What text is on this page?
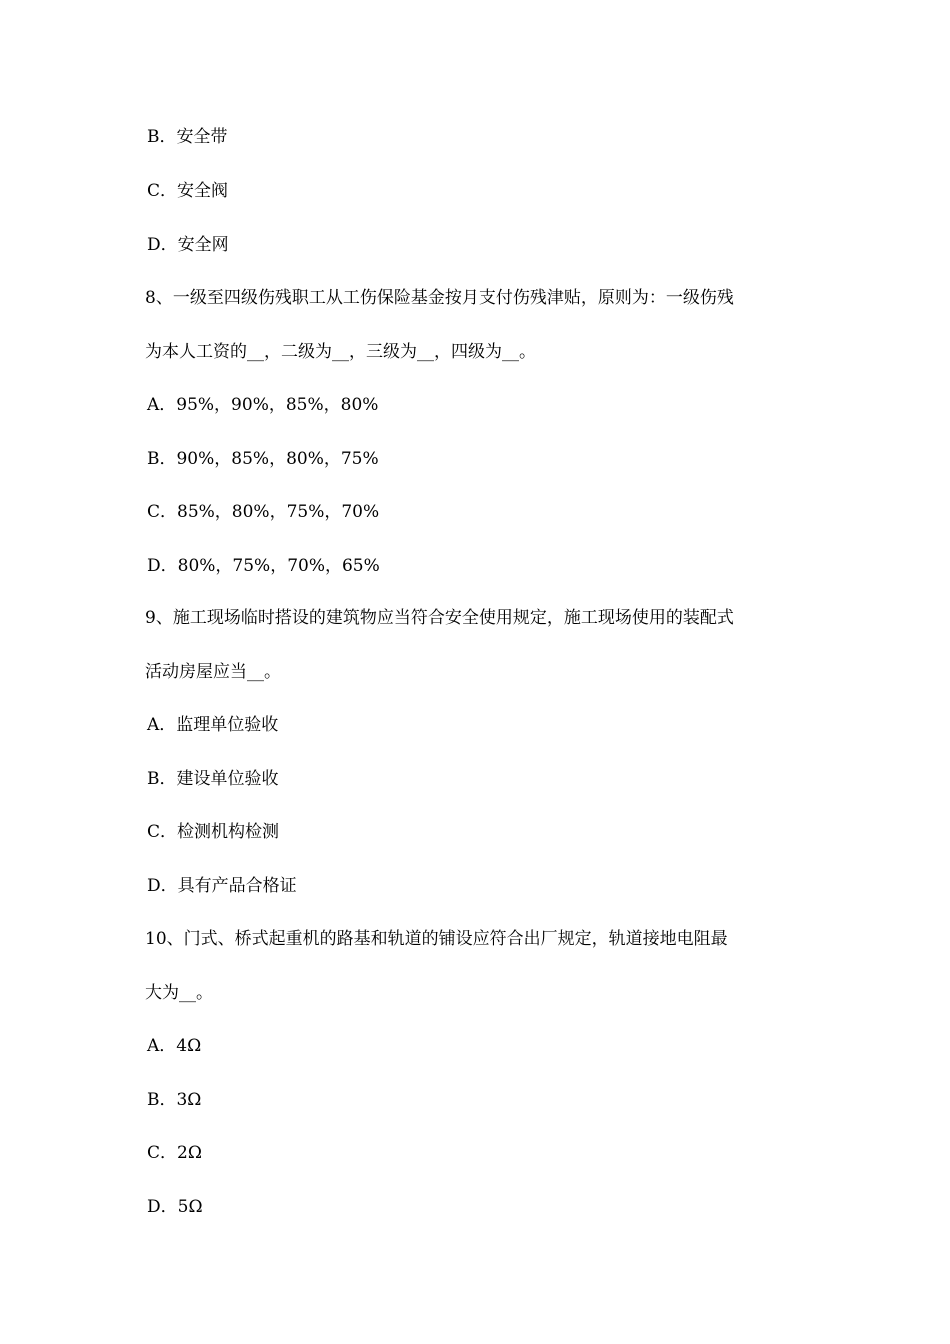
B．安全带
C．安全阀
D．安全网
8、一级至四级伤残职工从工伤保险基金按月支付伤残津贴，原则为：一级伤残
为本人工资的__，二级为__，三级为__，四级为__。
A．95%，90%，85%，80%
B．90%，85%，80%，75%
C．85%，80%，75%，70%
D．80%，75%，70%，65%
9、施工现场临时搭设的建筑物应当符合安全使用规定，施工现场使用的装配式
活动房屋应当__。
A．监理单位验收
B．建设单位验收
C．检测机构检测
D．具有产品合格证
10、门式、桥式起重机的路基和轨道的铺设应符合出厂规定，轨道接地电阻最
大为__。
A．4Ω
B．3Ω
C．2Ω
D．5Ω
